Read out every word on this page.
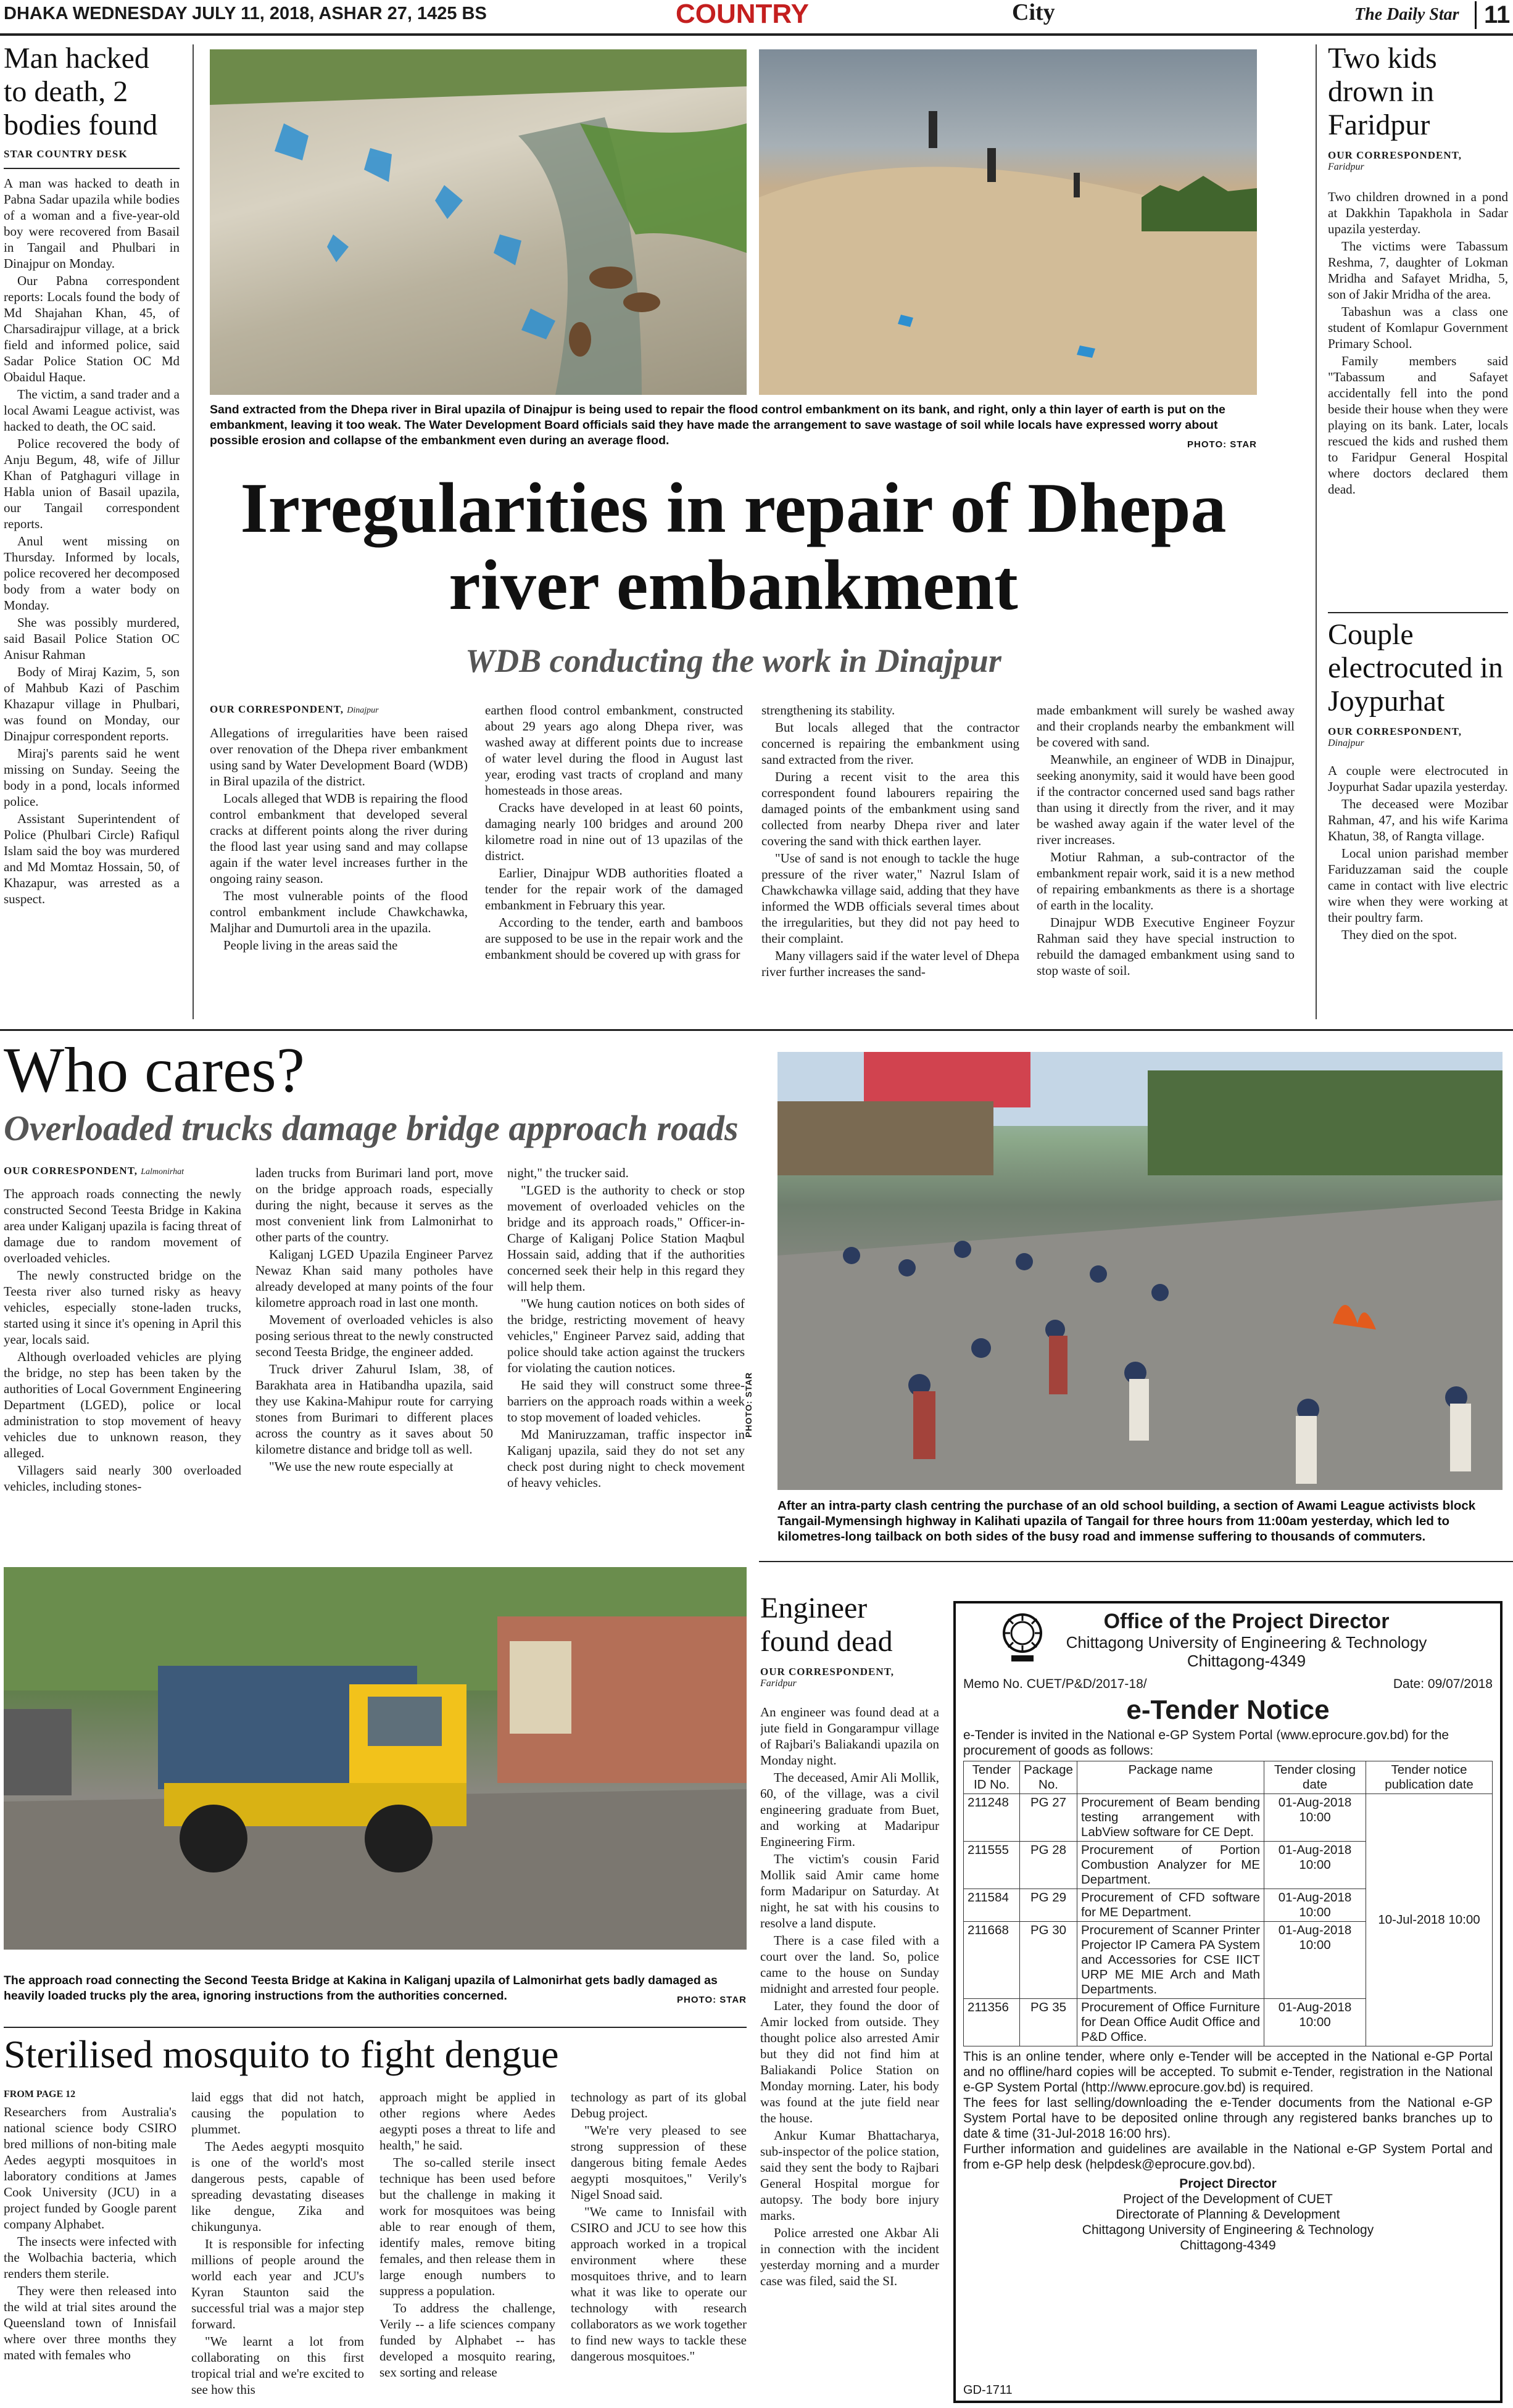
DHAKA WEDNESDAY JULY 11, 2018, ASHAR 27, 1425 BS	COUNTRY	City	The Daily Star	11
Man hacked to death, 2 bodies found
STAR COUNTRY DESK

A man was hacked to death in Pabna Sadar upazila while bodies of a woman and a five-year-old boy were recovered from Basail in Tangail and Phulbari in Dinajpur on Monday.

Our Pabna correspondent reports: Locals found the body of Md Shajahan Khan, 45, of Charsadirajpur village, at a brick field and informed police, said Sadar Police Station OC Md Obaidul Haque.

The victim, a sand trader and a local Awami League activist, was hacked to death, the OC said.

Police recovered the body of Anju Begum, 48, wife of Jillur Khan of Patghaguri village in Habla union of Basail upazila, our Tangail correspondent reports.

Anul went missing on Thursday. Informed by locals, police recovered her decomposed body from a water body on Monday.

She was possibly murdered, said Basail Police Station OC Anisur Rahman

Body of Miraj Kazim, 5, son of Mahbub Kazi of Paschim Khazapur village in Phulbari, was found on Monday, our Dinajpur correspondent reports.

Miraj's parents said he went missing on Sunday. Seeing the body in a pond, locals informed police.

Assistant Superintendent of Police (Phulbari Circle) Rafiqul Islam said the boy was murdered and Md Momtaz Hossain, 50, of Khazapur, was arrested as a suspect.

Sand extracted from the Dhepa river in Biral upazila of Dinajpur is being used to repair the flood control embankment on its bank, and right, only a thin layer of earth is put on the embankment, leaving it too weak. The Water Development Board officials said they have made the arrangement to save wastage of soil while locals have expressed worry about possible erosion and collapse of the embankment even during an average flood.	PHOTO: STAR
Irregularities in repair of Dhepa river embankment
WDB conducting the work in Dinajpur
OUR CORRESPONDENT, Dinajpur

Allegations of irregularities have been raised over renovation of the Dhepa river embankment using sand by Water Development Board (WDB) in Biral upazila of the district.

Locals alleged that WDB is repairing the flood control embankment that developed several cracks at different points along the river during the flood last year using sand and may collapse again if the water level increases further in the ongoing rainy season.

The most vulnerable points of the flood control embankment include Chawkchawka, Maljhar and Dumurtoli area in the upazila.

People living in the areas said the

earthen flood control embankment, constructed about 29 years ago along Dhepa river, was washed away at different points due to increase of water level during the flood in August last year, eroding vast tracts of cropland and many homesteads in those areas.

Cracks have developed in at least 60 points, damaging nearly 100 bridges and around 200 kilometre road in nine out of 13 upazilas of the district.

Earlier, Dinajpur WDB authorities floated a tender for the repair work of the damaged embankment in February this year.

According to the tender, earth and bamboos are supposed to be use in the repair work and the embankment should be covered up with grass for

strengthening its stability.

But locals alleged that the contractor concerned is repairing the embankment using sand extracted from the river.

During a recent visit to the area this correspondent found labourers repairing the damaged points of the embankment using sand collected from nearby Dhepa river and later covering the sand with thick earthen layer.

"Use of sand is not enough to tackle the huge pressure of the river water," Nazrul Islam of Chawkchawka village said, adding that they have informed the WDB officials several times about the irregularities, but they did not pay heed to their complaint.

Many villagers said if the water level of Dhepa river further increases the sand-

made embankment will surely be washed away and their croplands nearby the embankment will be covered with sand.

Meanwhile, an engineer of WDB in Dinajpur, seeking anonymity, said it would have been good if the contractor concerned used sand bags rather than using it directly from the river, and it may be washed away again if the water level of the river increases.

Motiur Rahman, a sub-contractor of the embankment repair work, said it is a new method of repairing embankments as there is a shortage of earth in the locality.

Dinajpur WDB Executive Engineer Foyzur Rahman said they have special instruction to rebuild the damaged embankment using sand to stop waste of soil.

Two kids drown in Faridpur
OUR CORRESPONDENT,
Faridpur

Two children drowned in a pond at Dakkhin Tapakhola in Sadar upazila yesterday.

The victims were Tabassum Reshma, 7, daughter of Lokman Mridha and Safayet Mridha, 5, son of Jakir Mridha of the area.

Tabashun was a class one student of Komlapur Government Primary School.

Family members said "Tabassum and Safayet accidentally fell into the pond beside their house when they were playing on its bank. Later, locals rescued the kids and rushed them to Faridpur General Hospital where doctors declared them dead.

Couple electrocuted in Joypurhat
OUR CORRESPONDENT,
Dinajpur

A couple were electrocuted in Joypurhat Sadar upazila yesterday.

The deceased were Mozibar Rahman, 47, and his wife Karima Khatun, 38, of Rangta village.

Local union parishad member Fariduzzaman said the couple came in contact with live electric wire when they were working at their poultry farm.

They died on the spot.

Who cares?
Overloaded trucks damage bridge approach roads
OUR CORRESPONDENT, Lalmonirhat

The approach roads connecting the newly constructed Second Teesta Bridge in Kakina area under Kaliganj upazila is facing threat of damage due to random movement of overloaded vehicles.

The newly constructed bridge on the Teesta river also turned risky as heavy vehicles, especially stone-laden trucks, started using it since it's opening in April this year, locals said.

Although overloaded vehicles are plying the bridge, no step has been taken by the authorities of Local Government Engineering Department (LGED), police or local administration to stop movement of heavy vehicles due to unknown reason, they alleged.

Villagers said nearly 300 overloaded vehicles, including stones-

laden trucks from Burimari land port, move on the bridge approach roads, especially during the night, because it serves as the most convenient link from Lalmonirhat to other parts of the country.

Kaliganj LGED Upazila Engineer Parvez Newaz Khan said many potholes have already developed at many points of the four kilometre approach road in last one month.

Movement of overloaded vehicles is also posing serious threat to the newly constructed second Teesta Bridge, the engineer added.

Truck driver Zahurul Islam, 38, of Barakhata area in Hatibandha upazila, said they use Kakina-Mahipur route for carrying stones from Burimari to different places across the country as it saves about 50 kilometre distance and bridge toll as well.

"We use the new route especially at

night," the trucker said.

"LGED is the authority to check or stop movement of overloaded vehicles on the bridge and its approach roads," Officer-in-Charge of Kaliganj Police Station Maqbul Hossain said, adding that if the authorities concerned seek their help in this regard they will help them.

"We hung caution notices on both sides of the bridge, restricting movement of heavy vehicles," Engineer Parvez said, adding that police should take action against the truckers for violating the caution notices.

He said they will construct some three-barriers on the approach roads within a week to stop movement of loaded vehicles.

Md Maniruzzaman, traffic inspector in Kaliganj upazila, said they do not set any check post during night to check movement of heavy vehicles.

PHOTO: STAR
After an intra-party clash centring the purchase of an old school building, a section of Awami League activists block Tangail-Mymensingh highway in Kalihati upazila of Tangail for three hours from 11:00am yesterday, which led to kilometres-long tailback on both sides of the busy road and immense suffering to thousands of commuters.
The approach road connecting the Second Teesta Bridge at Kakina in Kaliganj upazila of Lalmonirhat gets badly damaged as heavily loaded trucks ply the area, ignoring instructions from the authorities concerned.	PHOTO: STAR
Sterilised mosquito to fight dengue
FROM PAGE 12

Researchers from Australia's national science body CSIRO bred millions of non-biting male Aedes aegypti mosquitoes in laboratory conditions at James Cook University (JCU) in a project funded by Google parent company Alphabet.

The insects were infected with the Wolbachia bacteria, which renders them sterile.

They were then released into the wild at trial sites around the Queensland town of Innisfail where over three months they mated with females who

laid eggs that did not hatch, causing the population to plummet.

The Aedes aegypti mosquito is one of the world's most dangerous pests, capable of spreading devastating diseases like dengue, Zika and chikungunya.

It is responsible for infecting millions of people around the world each year and JCU's Kyran Staunton said the successful trial was a major step forward.

"We learnt a lot from collaborating on this first tropical trial and we're excited to see how this

approach might be applied in other regions where Aedes aegypti poses a threat to life and health," he said.

The so-called sterile insect technique has been used before but the challenge in making it work for mosquitoes was being able to rear enough of them, identify males, remove biting females, and then release them in large enough numbers to suppress a population.

To address the challenge, Verily -- a life sciences company funded by Alphabet -- has developed a mosquito rearing, sex sorting and release

technology as part of its global Debug project.

"We're very pleased to see strong suppression of these dangerous biting female Aedes aegypti mosquitoes," Verily's Nigel Snoad said.

"We came to Innisfail with CSIRO and JCU to see how this approach worked in a tropical environment where these mosquitoes thrive, and to learn what it was like to operate our technology with research collaborators as we work together to find new ways to tackle these dangerous mosquitoes."

Engineer found dead
OUR CORRESPONDENT,
Faridpur

An engineer was found dead at a jute field in Gongarampur village of Rajbari's Baliakandi upazila on Monday night.

The deceased, Amir Ali Mollik, 60, of the village, was a civil engineering graduate from Buet, and working at Madaripur Engineering Firm.

The victim's cousin Farid Mollik said Amir came home form Madaripur on Saturday. At night, he sat with his cousins to resolve a land dispute.

There is a case filed with a court over the land. So, police came to the house on Sunday midnight and arrested four people.

Later, they found the door of Amir locked from outside. They thought police also arrested Amir but they did not find him at Baliakandi Police Station on Monday morning. Later, his body was found at the jute field near the house.

Ankur Kumar Bhattacharya, sub-inspector of the police station, said they sent the body to Rajbari General Hospital morgue for autopsy. The body bore injury marks.

Police arrested one Akbar Ali in connection with the incident yesterday morning and a murder case was filed, said the SI.

Office of the Project Director
Chittagong University of Engineering & Technology
Chittagong-4349
Memo No. CUET/P&D/2017-18/	Date: 09/07/2018
e-Tender Notice
e-Tender is invited in the National e-GP System Portal (www.eprocure.gov.bd) for the procurement of goods as follows:
Tender ID No.	Package No.	Package name	Tender closing date	Tender notice publication date
211248	PG 27	Procurement of Beam bending testing arrangement with LabView software for CE Dept.	01-Aug-2018 10:00	10-Jul-2018 10:00
211555	PG 28	Procurement of Portion Combustion Analyzer for ME Department.	01-Aug-2018 10:00	
211584	PG 29	Procurement of CFD software for ME Department.	01-Aug-2018 10:00	
211668	PG 30	Procurement of Scanner Printer Projector IP Camera PA System and Accessories for CSE IICT URP ME MIE Arch and Math Departments.	01-Aug-2018 10:00	
211356	PG 35	Procurement of Office Furniture for Dean Office Audit Office and P&D Office.	01-Aug-2018 10:00	
This is an online tender, where only e-Tender will be accepted in the National e-GP Portal and no offline/hard copies will be accepted. To submit e-Tender, registration in the National e-GP System Portal (http://www.eprocure.gov.bd) is required.
The fees for last selling/downloading the e-Tender documents from the National e-GP System Portal have to be deposited online through any registered banks branches up to date & time (31-Jul-2018 16:00 hrs).
Further information and guidelines are available in the National e-GP System Portal and from e-GP help desk (helpdesk@eprocure.gov.bd).
Project Director
Project of the Development of CUET
Directorate of Planning & Development
Chittagong University of Engineering & Technology
Chittagong-4349
GD-1711
